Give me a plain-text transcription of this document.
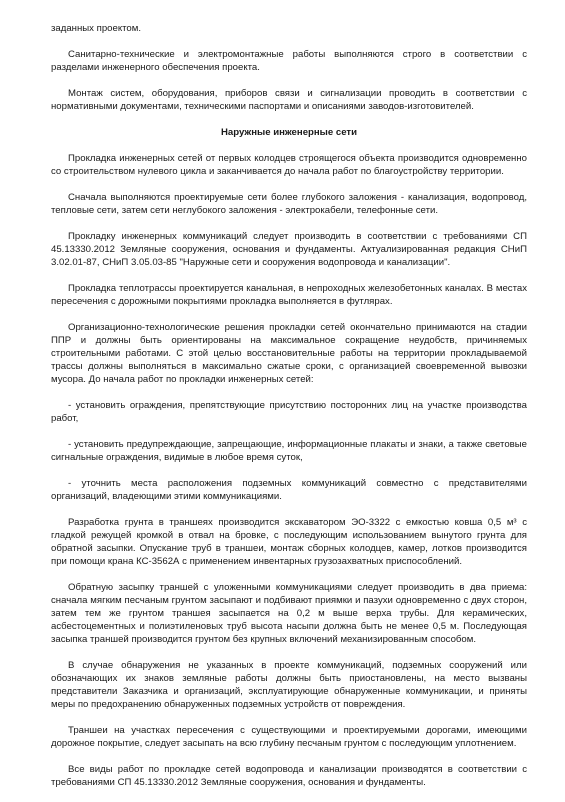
заданных проектом.

Санитарно-технические и электромонтажные работы выполняются строго в соответствии с разделами инженерного обеспечения проекта.

Монтаж систем, оборудования, приборов связи и сигнализации проводить в соответствии с нормативными документами, техническими паспортами и описаниями заводов-изготовителей.

Наружные инженерные сети

Прокладка инженерных сетей от первых колодцев строящегося объекта производится одновременно со строительством нулевого цикла и заканчивается до начала работ по благоустройству территории.

Сначала выполняются проектируемые сети более глубокого заложения - канализация, водопровод, тепловые сети, затем сети неглубокого заложения - электрокабели, телефонные сети.

Прокладку инженерных коммуникаций следует производить в соответствии с требованиями СП 45.13330.2012 Земляные сооружения, основания и фундаменты. Актуализированная редакция СНиП 3.02.01-87, СНиП 3.05.03-85 "Наружные сети и сооружения водопровода и канализации".

Прокладка теплотрассы проектируется канальная, в непроходных железобетонных каналах. В местах пересечения с дорожными покрытиями прокладка выполняется в футлярах.

Организационно-технологические решения прокладки сетей окончательно принимаются на стадии ППР и должны быть ориентированы на максимальное сокращение неудобств, причиняемых строительными работами. С этой целью восстановительные работы на территории прокладываемой трассы должны выполняться в максимально сжатые сроки, с организацией своевременной вывозки мусора. До начала работ по прокладки инженерных сетей:

- установить ограждения, препятствующие присутствию посторонних лиц на участке производства работ,

- установить предупреждающие, запрещающие, информационные плакаты и знаки, а также световые сигнальные ограждения, видимые в любое время суток,

- уточнить места расположения подземных коммуникаций совместно с представителями организаций, владеющими этими коммуникациями.

Разработка грунта в траншеях производится экскаватором ЭО-3322 с емкостью ковша 0,5 м³ с гладкой режущей кромкой в отвал на бровке, с последующим использованием вынутого грунта для обратной засыпки. Опускание труб в траншеи, монтаж сборных колодцев, камер, лотков производится при помощи крана КС-3562А с применением инвентарных грузозахватных приспособлений.

Обратную засыпку траншей с уложенными коммуникациями следует производить в два приема: сначала мягким песчаным грунтом засыпают и подбивают приямки и пазухи одновременно с двух сторон, затем тем же грунтом траншея засыпается на 0,2 м выше верха трубы. Для керамических, асбестоцементных и полиэтиленовых труб высота насыпи должна быть не менее 0,5 м. Последующая засыпка траншей производится грунтом без крупных включений механизированным способом.

В случае обнаружения не указанных в проекте коммуникаций, подземных сооружений или обозначающих их знаков земляные работы должны быть приостановлены, на место вызваны представители Заказчика и организаций, эксплуатирующие обнаруженные коммуникации, и приняты меры по предохранению обнаруженных подземных устройств от повреждения.

Траншеи на участках пересечения с существующими и проектируемыми дорогами, имеющими дорожное покрытие, следует засыпать на всю глубину песчаным грунтом с последующим уплотнением.

Все виды работ по прокладке сетей водопровода и канализации производятся в соответствии с требованиями СП 45.13330.2012 Земляные сооружения, основания и фундаменты.
